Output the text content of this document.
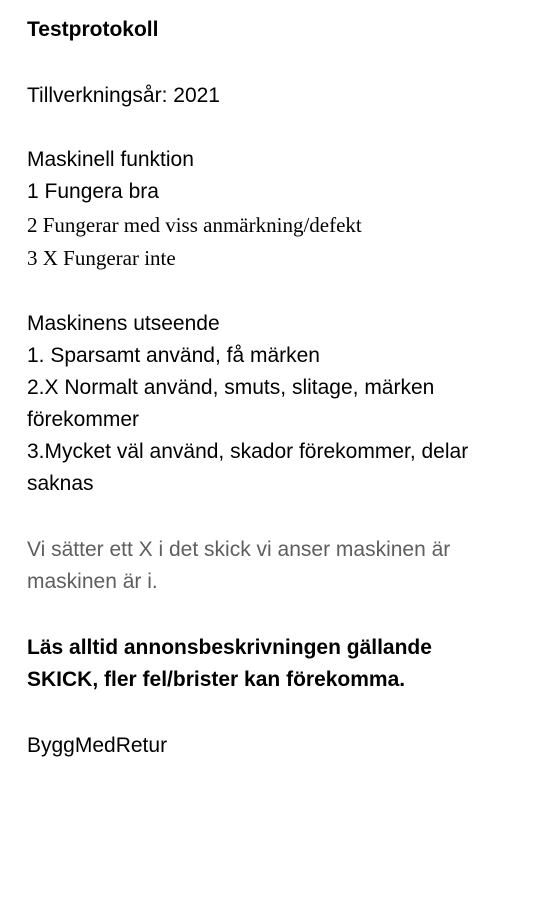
Testprotokoll
Tillverkningsår: 2021
Maskinell funktion
1 Fungera bra
2 Fungerar med viss anmärkning/defekt
3 X Fungerar inte
Maskinens utseende
1. Sparsamt använd, få märken
2.X Normalt använd, smuts, slitage, märken
förekommer
3.Mycket väl använd, skador förekommer, delar
saknas
Vi sätter ett X i det skick vi anser maskinen är
maskinen är i.
Läs alltid annonsbeskrivningen gällande
SKICK, fler fel/brister kan förekomma.
ByggMedRetur
